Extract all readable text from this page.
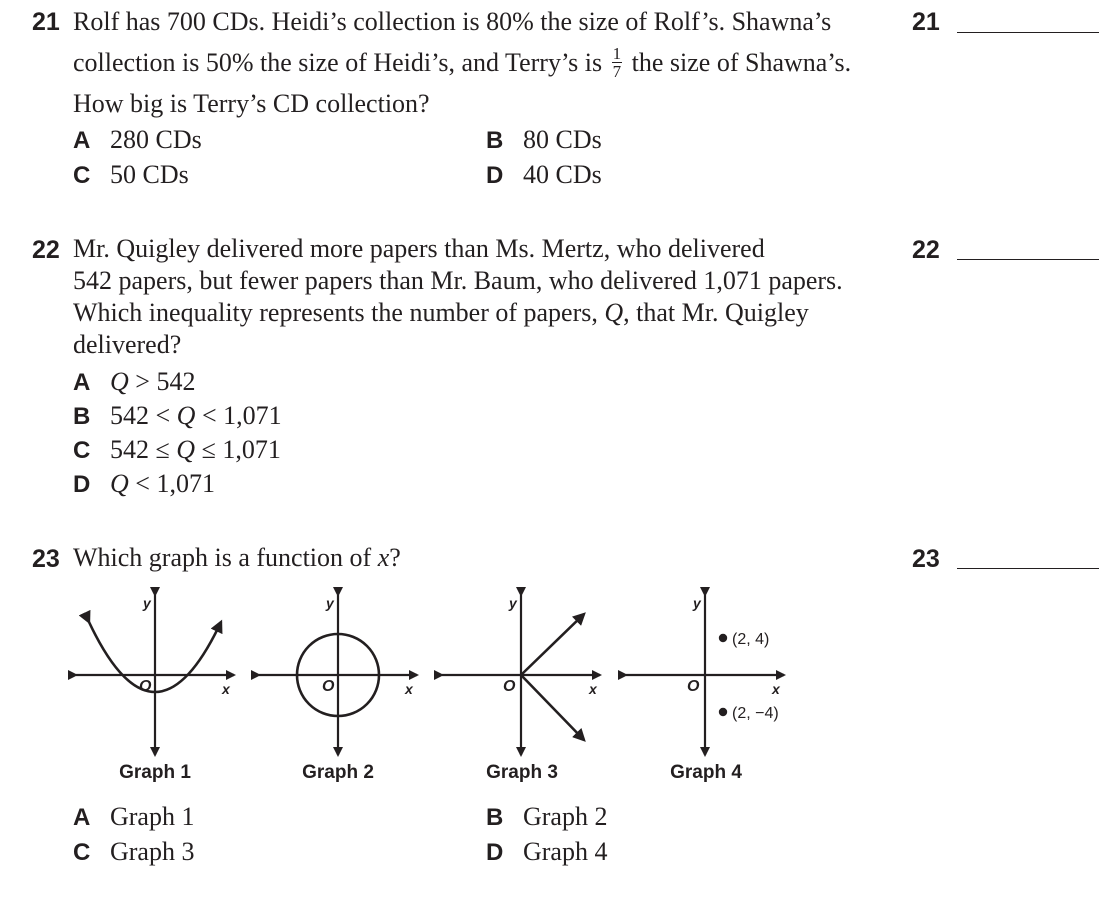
21 Rolf has 700 CDs. Heidi’s collection is 80% the size of Rolf’s. Shawna’s
collection is 50% the size of Heidi’s, and Terry’s is $\frac{1}{7}$ the size of Shawna’s.
How big is Terry’s CD collection?
A 280 CDs	B 80 CDs
C 50 CDs	D 40 CDs
21
22 Mr. Quigley delivered more papers than Ms. Mertz, who delivered
542 papers, but fewer papers than Mr. Baum, who delivered 1,071 papers.
Which inequality represents the number of papers, Q, that Mr. Quigley
delivered?
A Q > 542
B 542 < Q < 1,071
C 542 ≤ Q ≤ 1,071
D Q < 1,071
22
23 Which graph is a function of x?	23
y
O	x
y
O	x
y
O	x
(2, 4)
(2, −4)
y
O	x
Graph 1	Graph 2	Graph 3	Graph 4
A Graph 1	B Graph 2
C Graph 3	D Graph 4
